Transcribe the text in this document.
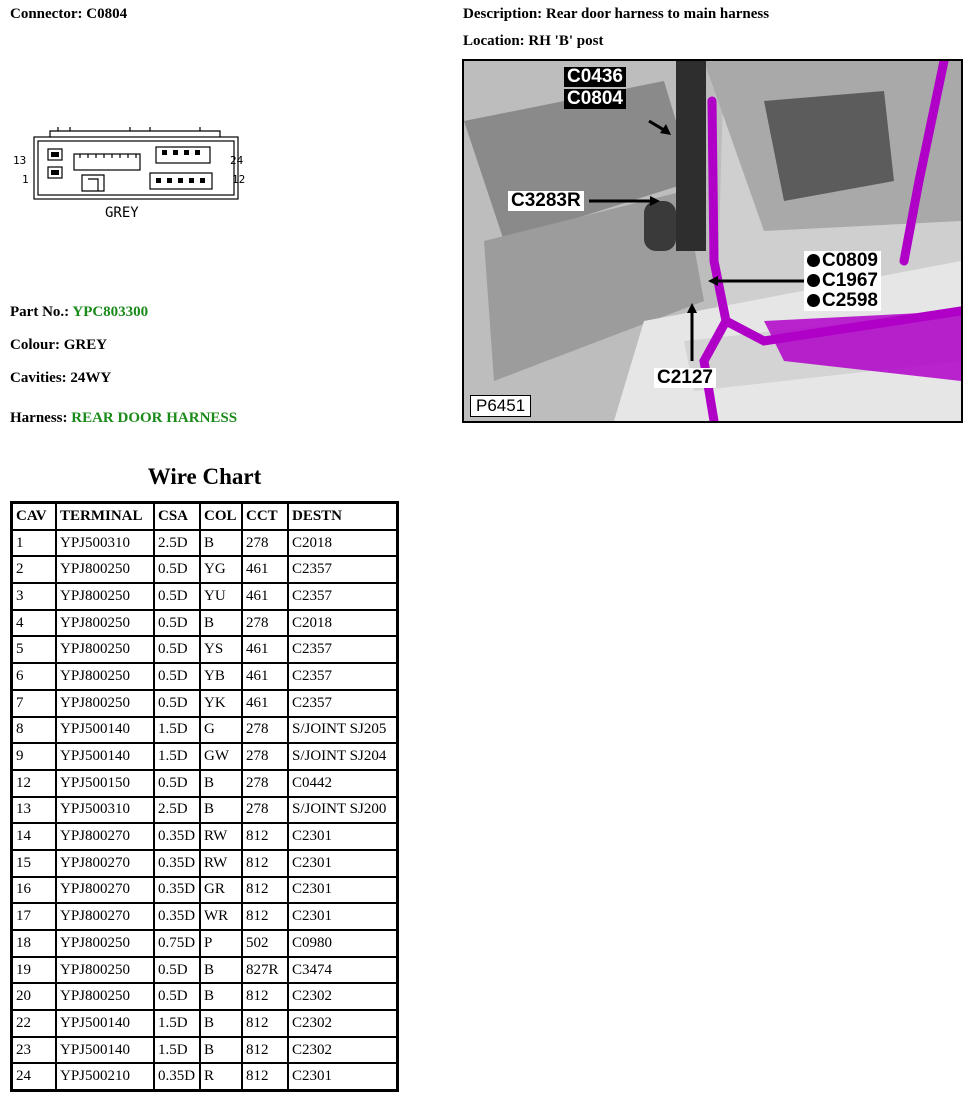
Connector: C0804	Description: Rear door harness to main harness
Location: RH 'B' post
13
1
24
12
GREY
C0436
C0804
C3283R
C0809
C1967
C2598
C2127
P6451
Part No.: YPC803300
Colour: GREY
Cavities: 24WY
Harness: REAR DOOR HARNESS
Wire Chart
CAV	TERMINAL	CSA	COL	CCT	DESTN
1	YPJ500310	2.5D	B	278	C2018
2	YPJ800250	0.5D	YG	461	C2357
3	YPJ800250	0.5D	YU	461	C2357
4	YPJ800250	0.5D	B	278	C2018
5	YPJ800250	0.5D	YS	461	C2357
6	YPJ800250	0.5D	YB	461	C2357
7	YPJ800250	0.5D	YK	461	C2357
8	YPJ500140	1.5D	G	278	S/JOINT SJ205
9	YPJ500140	1.5D	GW	278	S/JOINT SJ204
12	YPJ500150	0.5D	B	278	C0442
13	YPJ500310	2.5D	B	278	S/JOINT SJ200
14	YPJ800270	0.35D	RW	812	C2301
15	YPJ800270	0.35D	RW	812	C2301
16	YPJ800270	0.35D	GR	812	C2301
17	YPJ800270	0.35D	WR	812	C2301
18	YPJ800250	0.75D	P	502	C0980
19	YPJ800250	0.5D	B	827R	C3474
20	YPJ800250	0.5D	B	812	C2302
22	YPJ500140	1.5D	B	812	C2302
23	YPJ500140	1.5D	B	812	C2302
24	YPJ500210	0.35D	R	812	C2301
